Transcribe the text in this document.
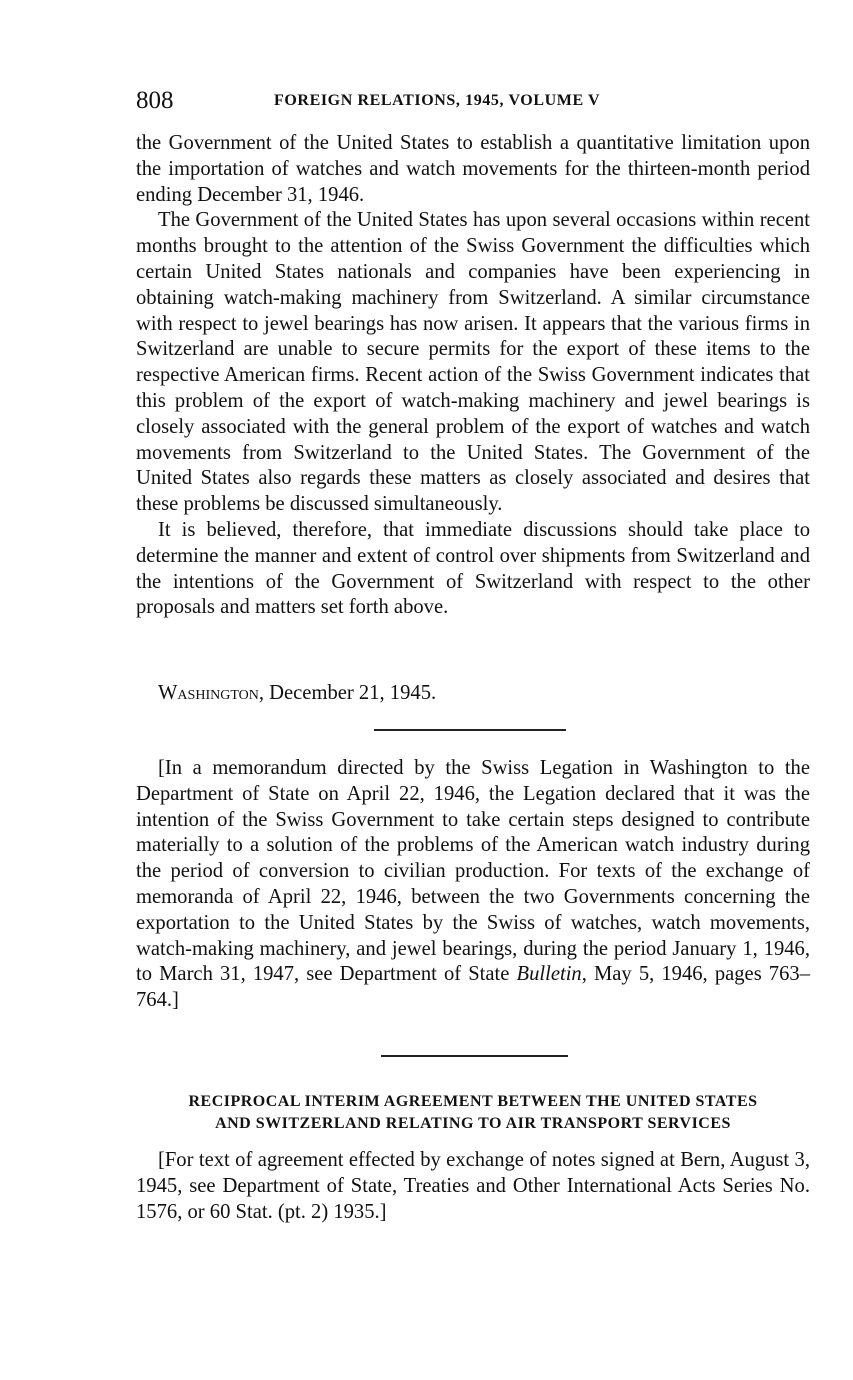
808	FOREIGN RELATIONS, 1945, VOLUME V

the Government of the United States to establish a quantitative limitation upon the importation of watches and watch movements for the thirteen-month period ending December 31, 1946.

The Government of the United States has upon several occasions within recent months brought to the attention of the Swiss Government the difficulties which certain United States nationals and companies have been experiencing in obtaining watch-making machinery from Switzerland. A similar circumstance with respect to jewel bearings has now arisen. It appears that the various firms in Switzerland are unable to secure permits for the export of these items to the respective American firms. Recent action of the Swiss Government indicates that this problem of the export of watch-making machinery and jewel bearings is closely associated with the general problem of the export of watches and watch movements from Switzerland to the United States. The Government of the United States also regards these matters as closely associated and desires that these problems be discussed simultaneously.

It is believed, therefore, that immediate discussions should take place to determine the manner and extent of control over shipments from Switzerland and the intentions of the Government of Switzerland with respect to the other proposals and matters set forth above.

Washington, December 21, 1945.
[In a memorandum directed by the Swiss Legation in Washington to the Department of State on April 22, 1946, the Legation declared that it was the intention of the Swiss Government to take certain steps designed to contribute materially to a solution of the problems of the American watch industry during the period of conversion to civilian production. For texts of the exchange of memoranda of April 22, 1946, between the two Governments concerning the exportation to the United States by the Swiss of watches, watch movements, watch-making machinery, and jewel bearings, during the period January 1, 1946, to March 31, 1947, see Department of State Bulletin, May 5, 1946, pages 763–764.]
RECIPROCAL INTERIM AGREEMENT BETWEEN THE UNITED STATES
AND SWITZERLAND RELATING TO AIR TRANSPORT SERVICES
[For text of agreement effected by exchange of notes signed at Bern, August 3, 1945, see Department of State, Treaties and Other International Acts Series No. 1576, or 60 Stat. (pt. 2) 1935.]
